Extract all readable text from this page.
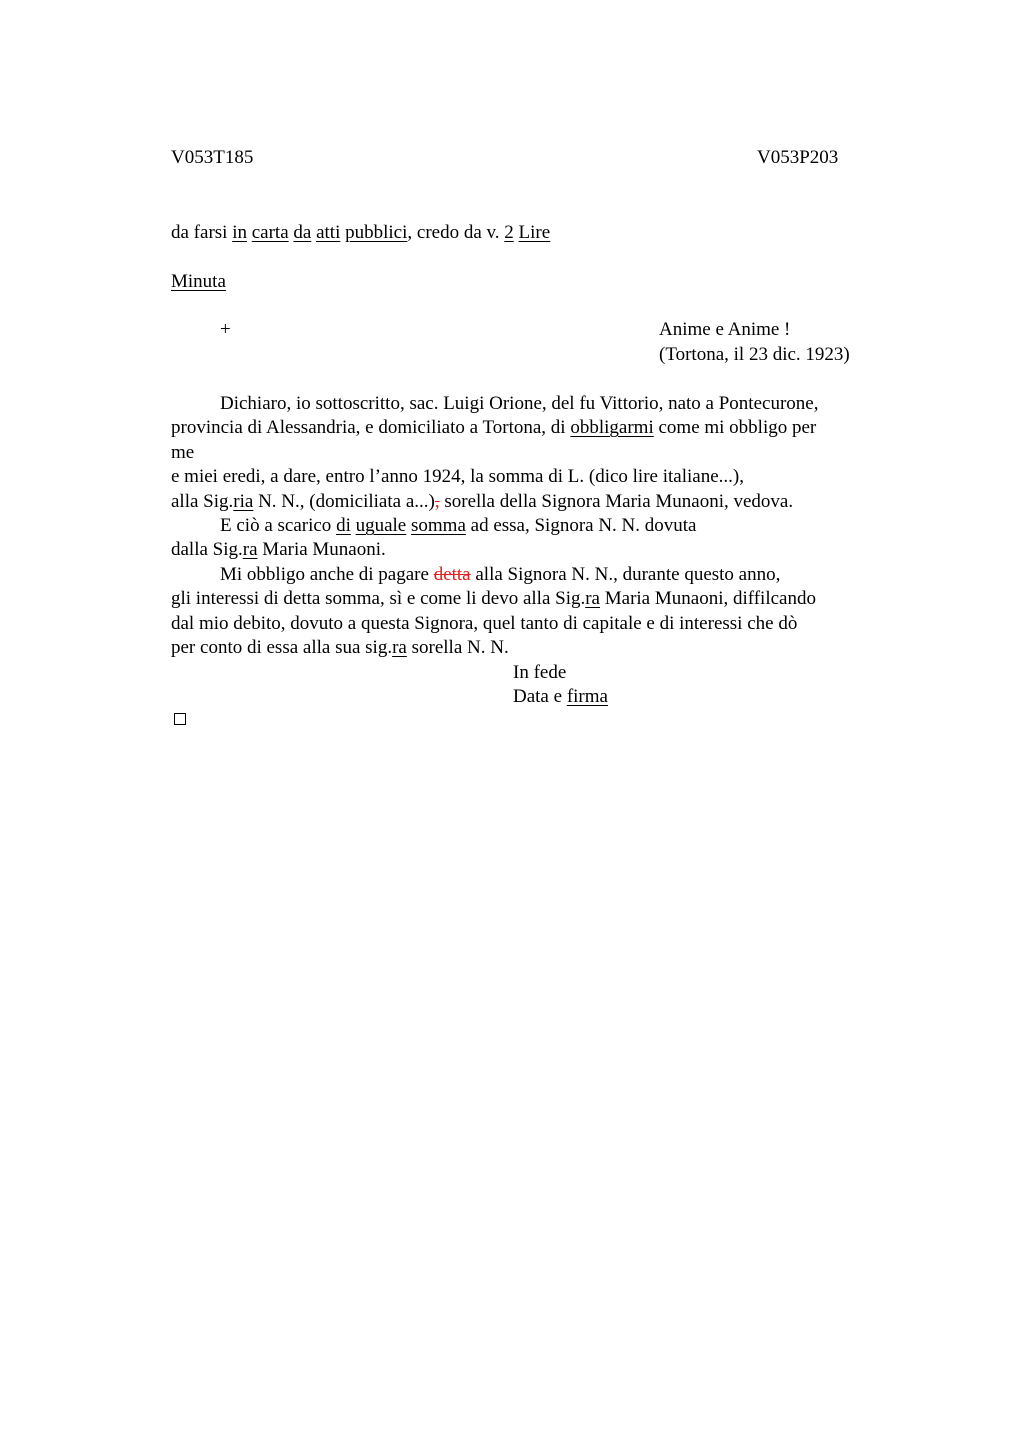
V053T185	V053P203
da farsi in carta da atti pubblici, credo da v. 2 Lire
Minuta
+	Anime e Anime !
(Tortona, il 23 dic. 1923)
Dichiaro, io sottoscritto, sac. Luigi Orione, del fu Vittorio, nato a Pontecurone,
provincia di Alessandria, e domiciliato a Tortona, di obbligarmi come mi obbligo per
me
e miei eredi, a dare, entro l’anno 1924, la somma di L. (dico lire italiane...),
alla Sig.ria N. N., (domiciliata a...), sorella della Signora Maria Munaoni, vedova.
E ciò a scarico di uguale somma ad essa, Signora N. N. dovuta
dalla Sig.ra Maria Munaoni.
Mi obbligo anche di pagare detta alla Signora N. N., durante questo anno,
gli interessi di detta somma, sì e come li devo alla Sig.ra Maria Munaoni, diffilcando
dal mio debito, dovuto a questa Signora, quel tanto di capitale e di interessi che dò
per conto di essa alla sua sig.ra sorella N. N.
In fede
Data e firma
